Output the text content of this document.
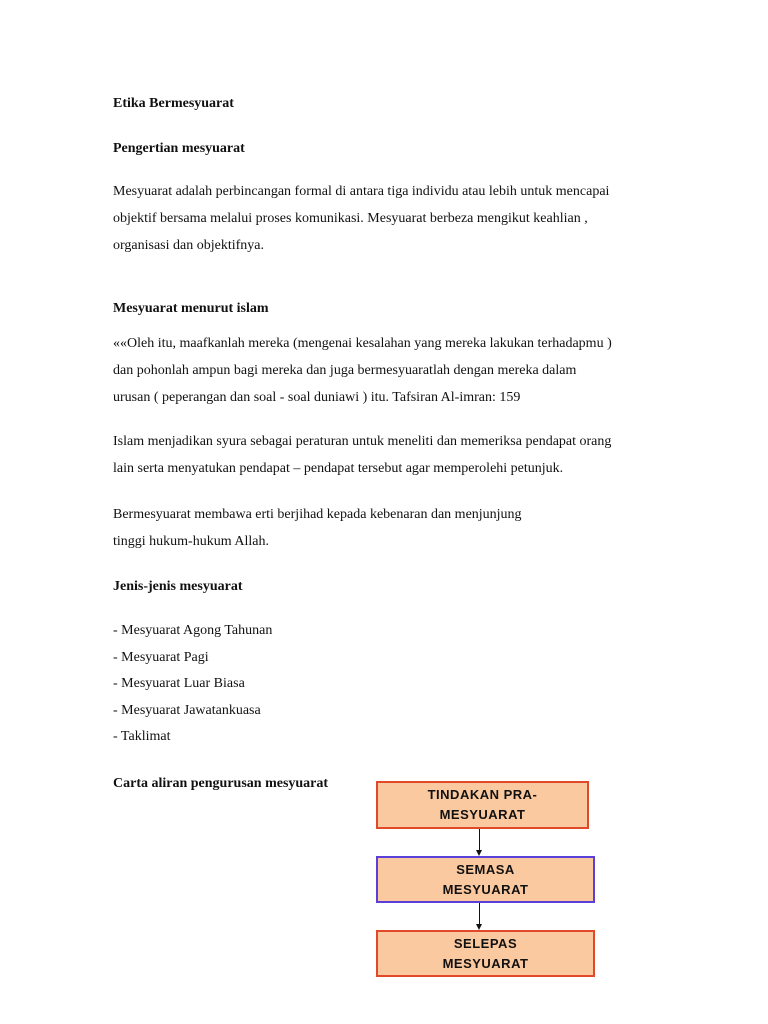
Etika Bermesyuarat
Pengertian mesyuarat
Mesyuarat adalah perbincangan formal di antara tiga individu atau lebih untuk mencapai
objektif bersama melalui proses komunikasi. Mesyuarat berbeza mengikut keahlian ,
organisasi dan objektifnya.
Mesyuarat menurut islam
««Oleh itu, maafkanlah mereka (mengenai kesalahan yang mereka lakukan terhadapmu )
dan pohonlah ampun bagi mereka dan juga bermesyuaratlah dengan mereka dalam
urusan ( peperangan dan soal - soal duniawi ) itu. Tafsiran Al-imran: 159
Islam menjadikan syura sebagai peraturan untuk meneliti dan memeriksa pendapat orang
lain serta menyatukan pendapat – pendapat tersebut agar memperolehi petunjuk.
Bermesyuarat membawa erti berjihad kepada kebenaran dan menjunjung
tinggi hukum-hukum Allah.
Jenis-jenis mesyuarat
- Mesyuarat Agong Tahunan
- Mesyuarat Pagi
- Mesyuarat Luar Biasa
- Mesyuarat Jawatankuasa
- Taklimat
Carta aliran pengurusan mesyuarat
TINDAKAN PRA-
MESYUARAT
SEMASA
MESYUARAT
SELEPAS
MESYUARAT
